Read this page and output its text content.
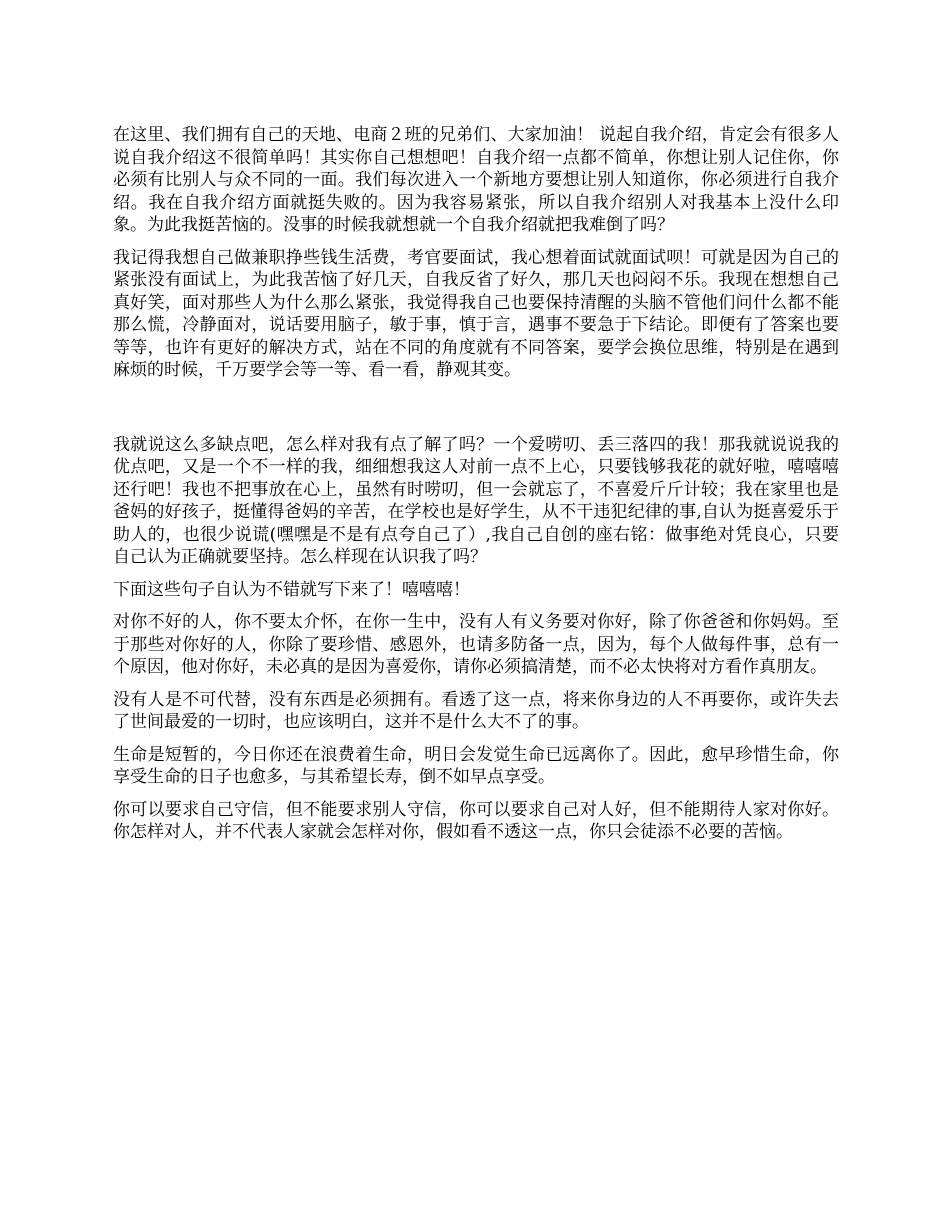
在这里、我们拥有自己的天地、电商２班的兄弟们、大家加油！ 说起自我介绍，肯定会有很多人说自我介绍这不很简单吗！其实你自己想想吧！自我介绍一点都不简单，你想让别人记住你，你必须有比别人与众不同的一面。我们每次进入一个新地方要想让别人知道你，你必须进行自我介绍。我在自我介绍方面就挺失败的。因为我容易紧张，所以自我介绍别人对我基本上没什么印象。为此我挺苦恼的。没事的时候我就想就一个自我介绍就把我难倒了吗？

我记得我想自己做兼职挣些钱生活费，考官要面试，我心想着面试就面试呗！可就是因为自己的紧张没有面试上，为此我苦恼了好几天，自我反省了好久，那几天也闷闷不乐。我现在想想自己真好笑，面对那些人为什么那么紧张，我觉得我自己也要保持清醒的头脑不管他们问什么都不能那么慌，冷静面对，说话要用脑子，敏于事，慎于言，遇事不要急于下结论。即便有了答案也要等等，也许有更好的解决方式，站在不同的角度就有不同答案，要学会换位思维，特别是在遇到麻烦的时候，千万要学会等一等、看一看，静观其变。

我就说这么多缺点吧，怎么样对我有点了解了吗？一个爱唠叨、丢三落四的我！那我就说说我的优点吧，又是一个不一样的我，细细想我这人对前一点不上心，只要钱够我花的就好啦，嘻嘻嘻还行吧！我也不把事放在心上，虽然有时唠叨，但一会就忘了，不喜爱斤斤计较；我在家里也是爸妈的好孩子，挺懂得爸妈的辛苦，在学校也是好学生，从不干违犯纪律的事,自认为挺喜爱乐于助人的，也很少说谎(嘿嘿是不是有点夸自己了）,我自己自创的座右铭：做事绝对凭良心，只要自己认为正确就要坚持。怎么样现在认识我了吗？

下面这些句子自认为不错就写下来了！嘻嘻嘻！

对你不好的人，你不要太介怀，在你一生中，没有人有义务要对你好，除了你爸爸和你妈妈。至于那些对你好的人，你除了要珍惜、感恩外，也请多防备一点，因为，每个人做每件事，总有一个原因，他对你好，未必真的是因为喜爱你，请你必须搞清楚，而不必太快将对方看作真朋友。

没有人是不可代替，没有东西是必须拥有。看透了这一点，将来你身边的人不再要你，或许失去了世间最爱的一切时，也应该明白，这并不是什么大不了的事。

生命是短暂的，今日你还在浪费着生命，明日会发觉生命已远离你了。因此，愈早珍惜生命，你享受生命的日子也愈多，与其希望长寿，倒不如早点享受。

你可以要求自己守信，但不能要求别人守信，你可以要求自己对人好，但不能期待人家对你好。你怎样对人，并不代表人家就会怎样对你，假如看不透这一点，你只会徒添不必要的苦恼。
